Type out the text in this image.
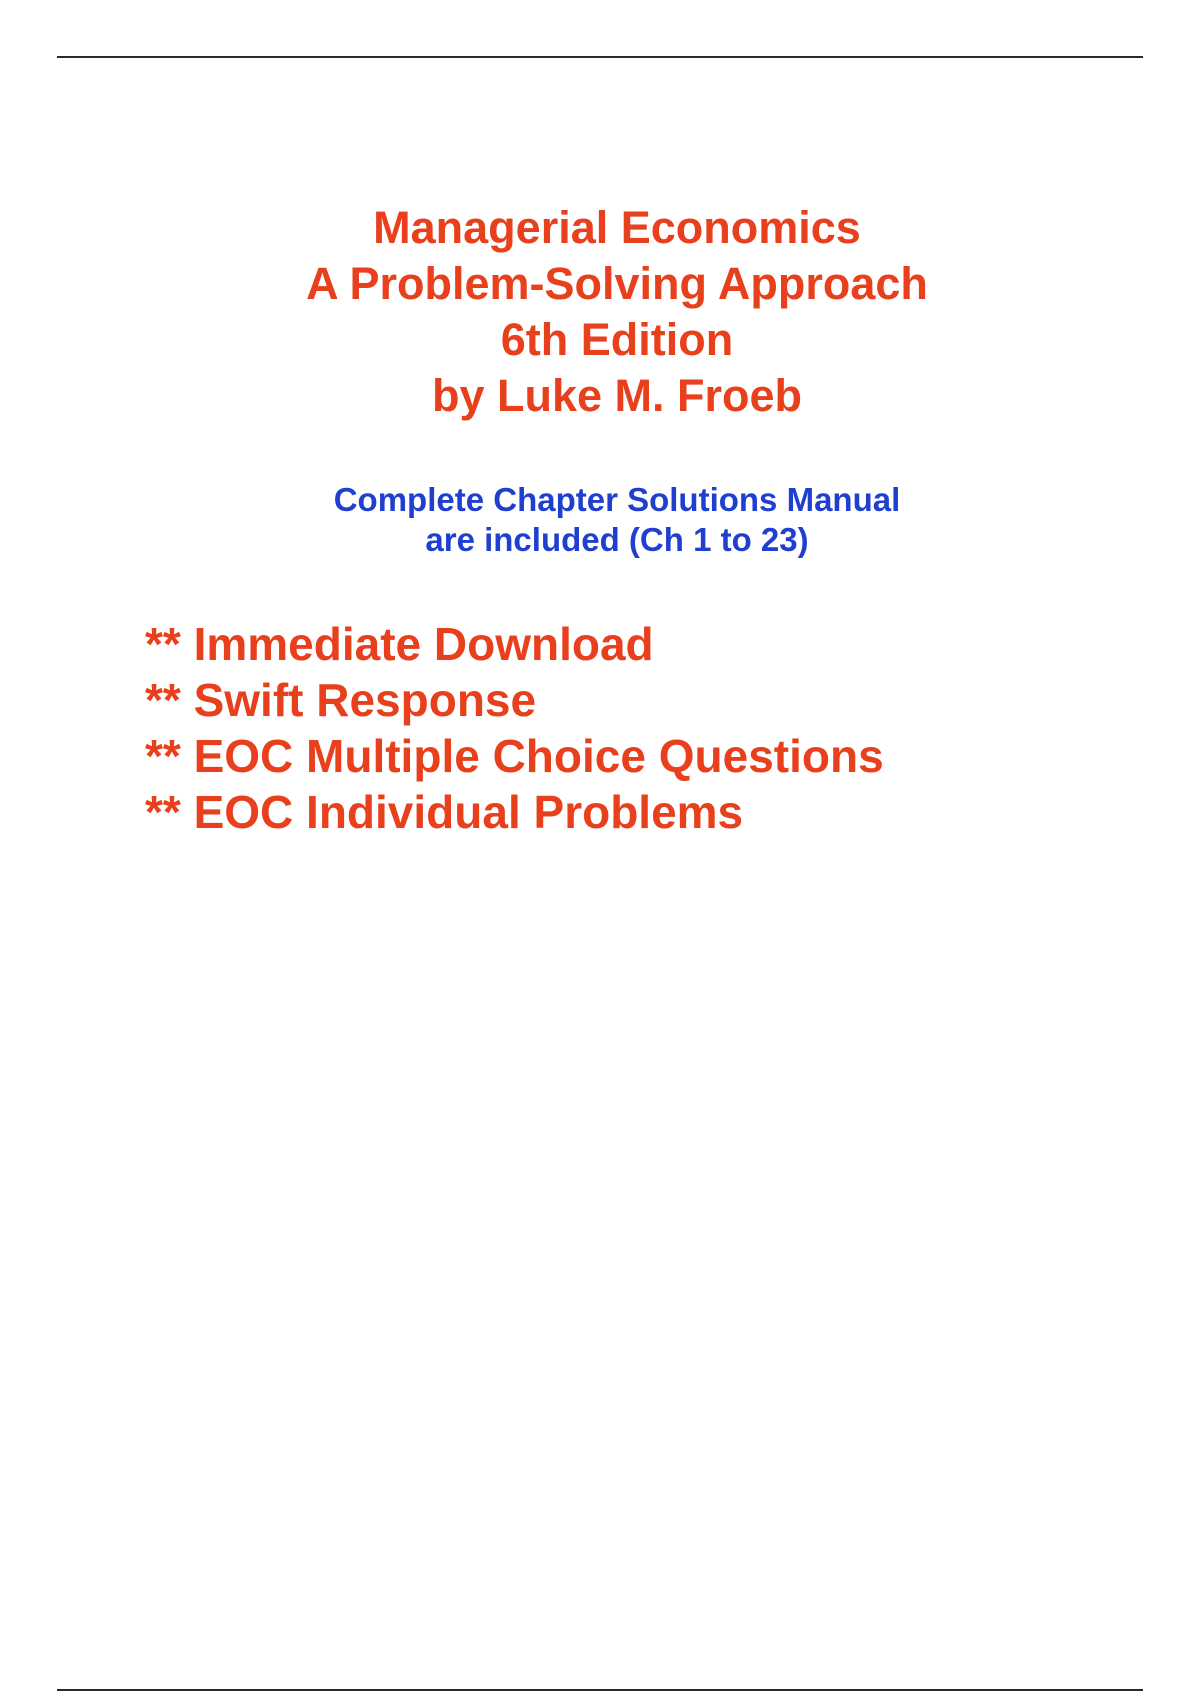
Managerial Economics
A Problem-Solving Approach
6th Edition
by Luke M. Froeb
Complete Chapter Solutions Manual
are included (Ch 1 to 23)
** Immediate Download
** Swift Response
** EOC Multiple Choice Questions
** EOC Individual Problems
